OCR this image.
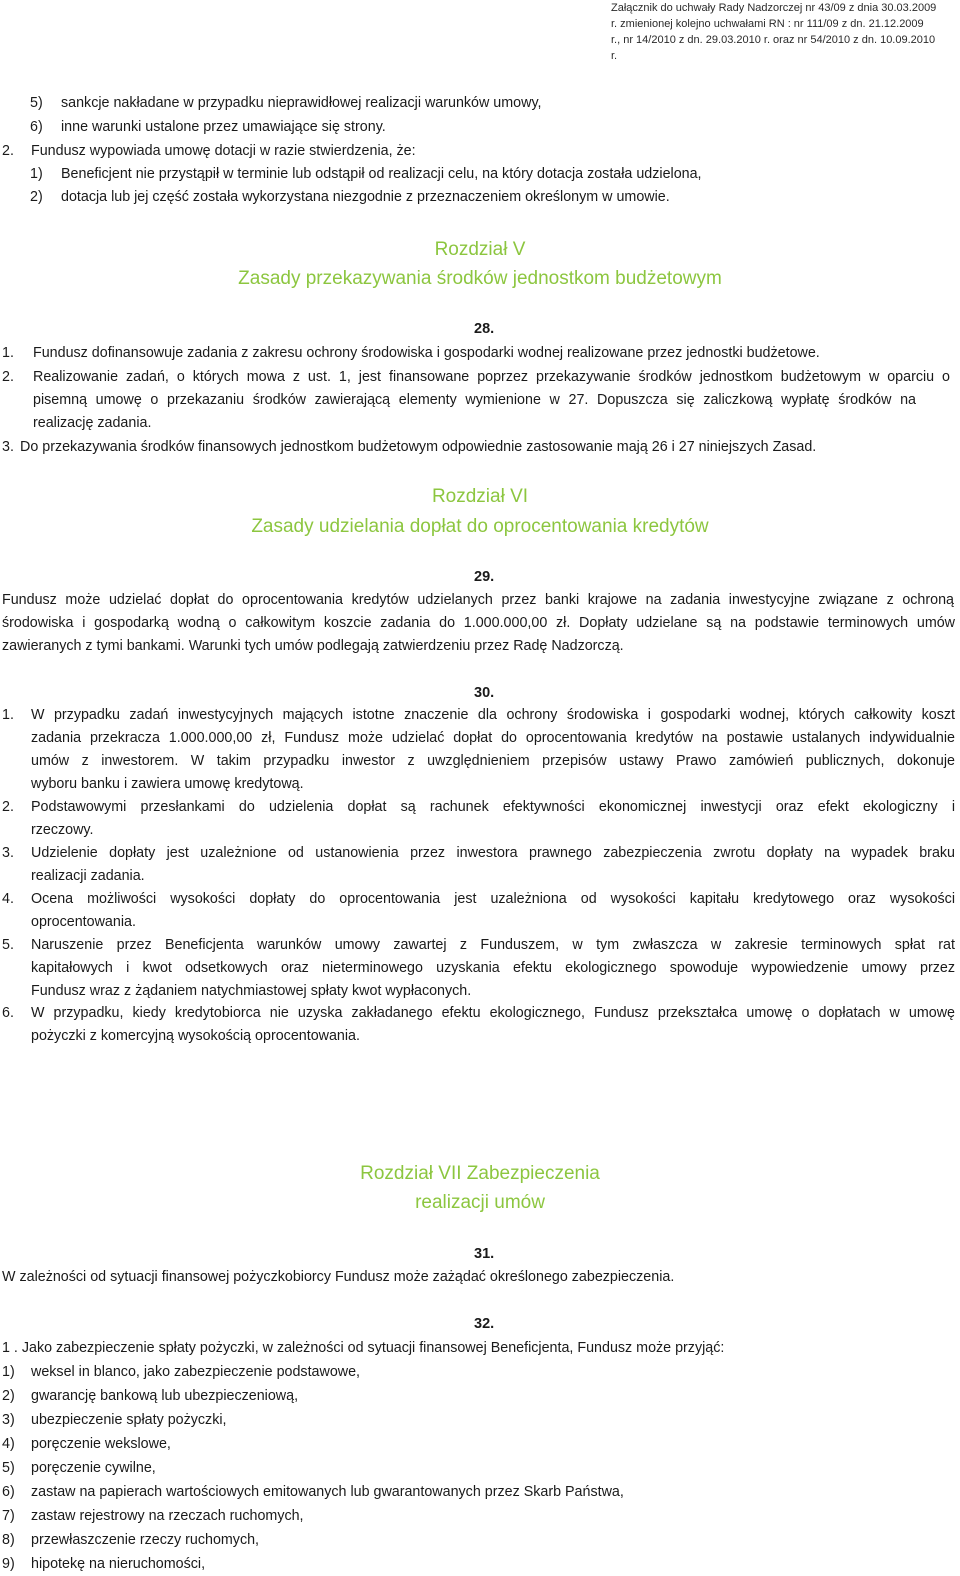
Załącznik do uchwały Rady Nadzorczej nr 43/09 z dnia 30.03.2009
r. zmienionej kolejno uchwałami RN : nr 111/09 z dn. 21.12.2009
r., nr 14/2010 z dn. 29.03.2010 r. oraz nr 54/2010 z dn. 10.09.2010
r.
5) sankcje nakładane w przypadku nieprawidłowej realizacji warunków umowy,
6) inne warunki ustalone przez umawiające się strony.
2. Fundusz wypowiada umowę dotacji w razie stwierdzenia, że:
1) Beneficjent nie przystąpił w terminie lub odstąpił od realizacji celu, na który dotacja została udzielona,
2) dotacja lub jej część została wykorzystana niezgodnie z przeznaczeniem określonym w umowie.
Rozdział V
Zasady przekazywania środków jednostkom budżetowym
28.
1. Fundusz dofinansowuje zadania z zakresu ochrony środowiska i gospodarki wodnej realizowane przez jednostki budżetowe.
2. Realizowanie zadań, o których mowa z ust. 1, jest finansowane poprzez przekazywanie środków jednostkom budżetowym w oparciu o
pisemną umowę o przekazaniu środków zawierającą elementy wymienione w 27. Dopuszcza się zaliczkową wypłatę środków na
realizację zadania.
3. Do przekazywania środków finansowych jednostkom budżetowym odpowiednie zastosowanie mają 26 i 27 niniejszych Zasad.
Rozdział VI
Zasady udzielania dopłat do oprocentowania kredytów
29.
Fundusz może udzielać dopłat do oprocentowania kredytów udzielanych przez banki krajowe na zadania inwestycyjne związane z ochroną
środowiska i gospodarką wodną o całkowitym koszcie zadania do 1.000.000,00 zł. Dopłaty udzielane są na podstawie terminowych umów
zawieranych z tymi bankami. Warunki tych umów podlegają zatwierdzeniu przez Radę Nadzorczą.
30.
Rozdział VII Zabezpieczenia
realizacji umów
31.
W zależności od sytuacji finansowej pożyczkobiorcy Fundusz może zażądać określonego zabezpieczenia.
32.
1 . Jako zabezpieczenie spłaty pożyczki, w zależności od sytuacji finansowej Beneficjenta, Fundusz może przyjąć:
1. W przypadku zadań inwestycyjnych mających istotne znaczenie dla ochrony środowiska i gospodarki wodnej, których całkowity koszt
zadania przekracza 1.000.000,00 zł, Fundusz może udzielać dopłat do oprocentowania kredytów na postawie ustalanych indywidualnie
umów z inwestorem. W takim przypadku inwestor z uwzględnieniem przepisów ustawy Prawo zamówień publicznych, dokonuje
wyboru banku i zawiera umowę kredytową.
2. Podstawowymi przesłankami do udzielenia dopłat są rachunek efektywności ekonomicznej inwestycji oraz efekt ekologiczny i
rzeczowy.
3. Udzielenie dopłaty jest uzależnione od ustanowienia przez inwestora prawnego zabezpieczenia zwrotu dopłaty na wypadek braku
realizacji zadania.
4. Ocena możliwości wysokości dopłaty do oprocentowania jest uzależniona od wysokości kapitału kredytowego oraz wysokości
oprocentowania.
5. Naruszenie przez Beneficjenta warunków umowy zawartej z Funduszem, w tym zwłaszcza w zakresie terminowych spłat rat
kapitałowych i kwot odsetkowych oraz nieterminowego uzyskania efektu ekologicznego spowoduje wypowiedzenie umowy przez
Fundusz wraz z żądaniem natychmiastowej spłaty kwot wypłaconych.
6. W przypadku, kiedy kredytobiorca nie uzyska zakładanego efektu ekologicznego, Fundusz przekształca umowę o dopłatach w umowę
pożyczki z komercyjną wysokością oprocentowania.
1) weksel in blanco, jako zabezpieczenie podstawowe,
2) gwarancję bankową lub ubezpieczeniową,
3) ubezpieczenie spłaty pożyczki,
4) poręczenie wekslowe,
5) poręczenie cywilne,
6) zastaw na papierach wartościowych emitowanych lub gwarantowanych przez Skarb Państwa,
7) zastaw rejestrowy na rzeczach ruchomych,
8) przewłaszczenie rzeczy ruchomych,
9) hipotekę na nieruchomości,
